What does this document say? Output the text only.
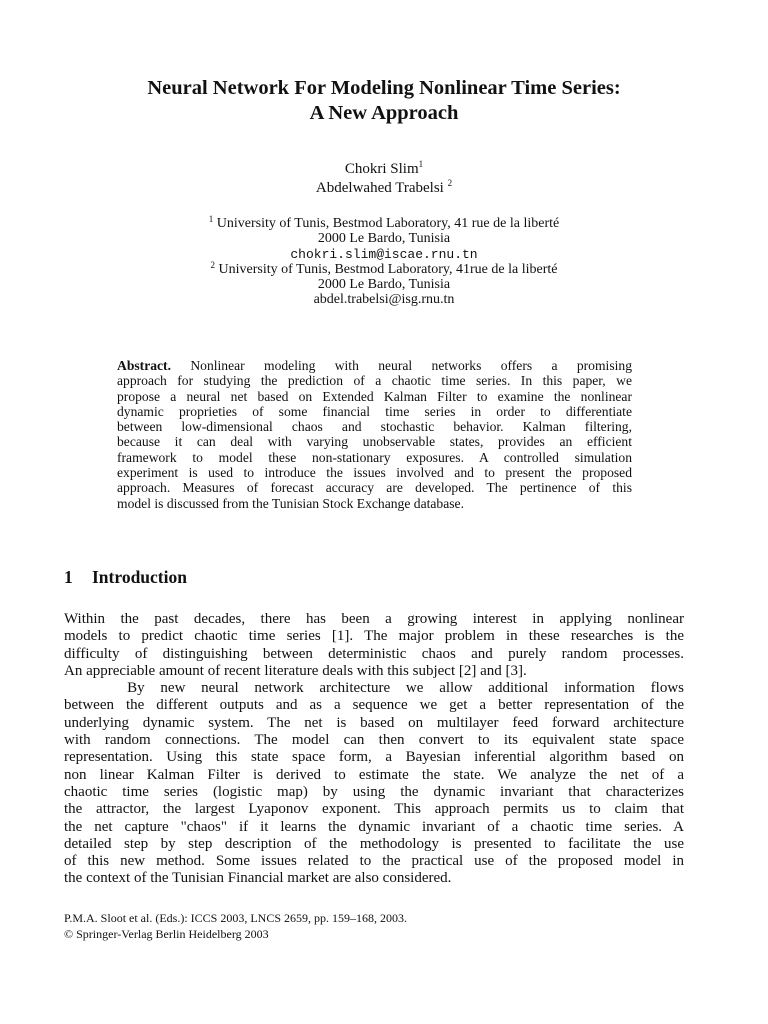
Neural Network For Modeling Nonlinear Time Series:
A New Approach
Chokri Slim$^1$
Abdelwahed Trabelsi $^2$
$^1$ University of Tunis, Bestmod Laboratory, 41 rue de la liberté
2000 Le Bardo, Tunisia
chokri.slim@iscae.rnu.tn
$^2$ University of Tunis, Bestmod Laboratory, 41rue de la liberté
2000 Le Bardo, Tunisia
abdel.trabelsi@isg.rnu.tn
Abstract. Nonlinear modeling with neural networks offers a promising
approach for studying the prediction of a chaotic time series. In this paper, we
propose a neural net based on Extended Kalman Filter to examine the nonlinear
dynamic proprieties of some financial time series in order to differentiate
between low-dimensional chaos and stochastic behavior. Kalman filtering,
because it can deal with varying unobservable states, provides an efficient
framework to model these non-stationary exposures. A controlled simulation
experiment is used to introduce the issues involved and to present the proposed
approach. Measures of forecast accuracy are developed. The pertinence of this
model is discussed from the Tunisian Stock Exchange database.
1 Introduction
Within the past decades, there has been a growing interest in applying nonlinear
models to predict chaotic time series [1]. The major problem in these researches is the
difficulty of distinguishing between deterministic chaos and purely random processes.
An appreciable amount of recent literature deals with this subject [2] and [3].
By new neural network architecture we allow additional information flows
between the different outputs and as a sequence we get a better representation of the
underlying dynamic system. The net is based on multilayer feed forward architecture
with random connections. The model can then convert to its equivalent state space
representation. Using this state space form, a Bayesian inferential algorithm based on
non linear Kalman Filter is derived to estimate the state. We analyze the net of a
chaotic time series (logistic map) by using the dynamic invariant that characterizes
the attractor, the largest Lyaponov exponent. This approach permits us to claim that
the net capture "chaos" if it learns the dynamic invariant of a chaotic time series. A
detailed step by step description of the methodology is presented to facilitate the use
of this new method. Some issues related to the practical use of the proposed model in
the context of the Tunisian Financial market are also considered.
P.M.A. Sloot et al. (Eds.): ICCS 2003, LNCS 2659, pp. 159–168, 2003.
© Springer-Verlag Berlin Heidelberg 2003
